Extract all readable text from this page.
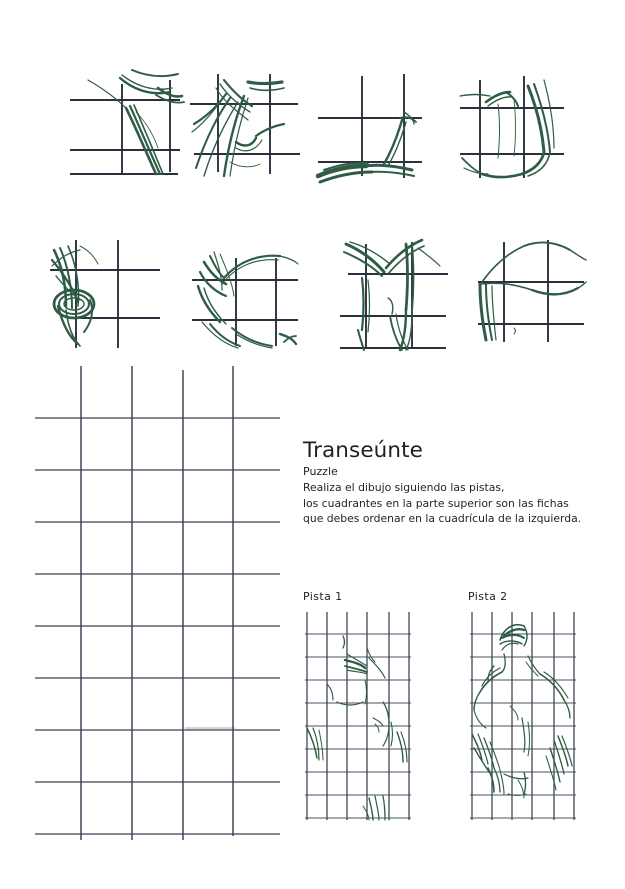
Transeúnte
Puzzle
Realiza el dibujo siguiendo las pistas,
los cuadrantes en la parte superior son las fichas
que debes ordenar en la cuadrícula de la izquierda.
Pista 1	Pista 2
